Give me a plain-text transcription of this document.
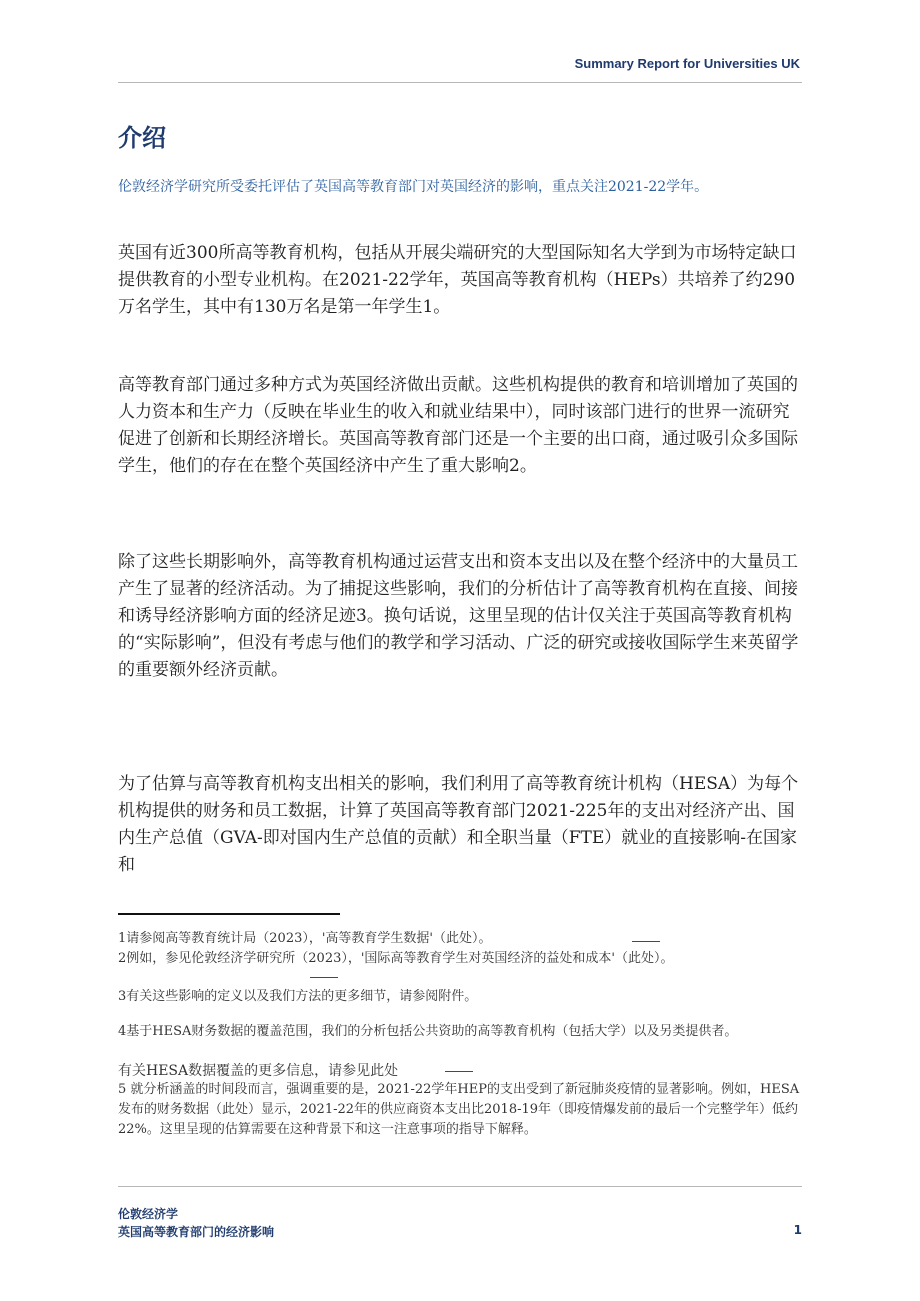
Summary Report for Universities UK
介绍
伦敦经济学研究所受委托评估了英国高等教育部门对英国经济的影响，重点关注2021-22学年。
英国有近300所高等教育机构，包括从开展尖端研究的大型国际知名大学到为市场特定缺口提供教育的小型专业机构。在2021-22学年，英国高等教育机构（HEPs）共培养了约290万名学生，其中有130万名是第一年学生1。
高等教育部门通过多种方式为英国经济做出贡献。这些机构提供的教育和培训增加了英国的人力资本和生产力（反映在毕业生的收入和就业结果中），同时该部门进行的世界一流研究促进了创新和长期经济增长。英国高等教育部门还是一个主要的出口商，通过吸引众多国际学生，他们的存在在整个英国经济中产生了重大影响2。
除了这些长期影响外，高等教育机构通过运营支出和资本支出以及在整个经济中的大量员工产生了显著的经济活动。为了捕捉这些影响，我们的分析估计了高等教育机构在直接、间接和诱导经济影响方面的经济足迹3。换句话说，这里呈现的估计仅关注于英国高等教育机构的“实际影响”，但没有考虑与他们的教学和学习活动、广泛的研究或接收国际学生来英留学的重要额外经济贡献。
为了估算与高等教育机构支出相关的影响，我们利用了高等教育统计机构（HESA）为每个机构提供的财务和员工数据，计算了英国高等教育部门2021-225年的支出对经济产出、国内生产总值（GVA-即对国内生产总值的贡献）和全职当量（FTE）就业的直接影响-在国家和
1请参阅高等教育统计局（2023），'高等教育学生数据'（此处）。
2例如，参见伦敦经济学研究所（2023），'国际高等教育学生对英国经济的益处和成本'（此处）。
3有关这些影响的定义以及我们方法的更多细节，请参阅附件。
4基于HESA财务数据的覆盖范围，我们的分析包括公共资助的高等教育机构（包括大学）以及另类提供者。
有关HESA数据覆盖的更多信息，请参见此处
5 就分析涵盖的时间段而言，强调重要的是，2021-22学年HEP的支出受到了新冠肺炎疫情的显著影响。例如，HESA发布的财务数据（此处）显示，2021-22年的供应商资本支出比2018-19年（即疫情爆发前的最后一个完整学年）低约22%。这里呈现的估算需要在这种背景下和这一注意事项的指导下解释。
伦敦经济学
英国高等教育部门的经济影响	1
